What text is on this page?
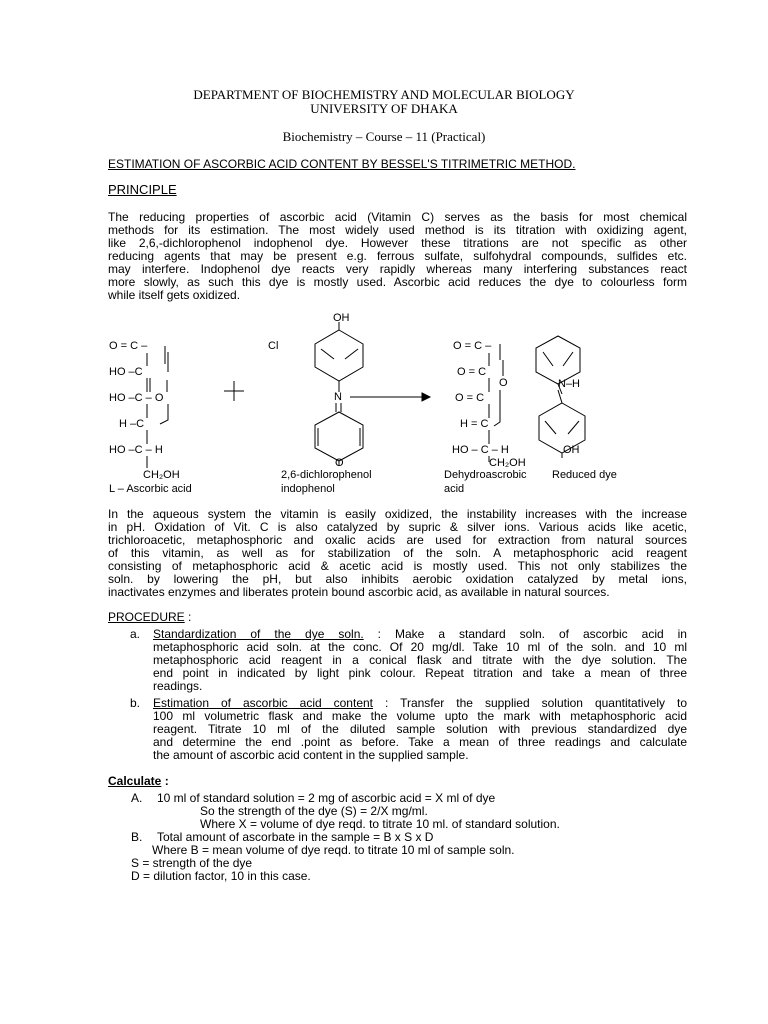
DEPARTMENT OF BIOCHEMISTRY AND MOLECULAR BIOLOGY
UNIVERSITY OF DHAKA
Biochemistry – Course – 11 (Practical)
ESTIMATION OF ASCORBIC ACID CONTENT BY BESSEL'S TITRIMETRIC METHOD.
PRINCIPLE
The reducing properties of ascorbic acid (Vitamin C) serves as the basis for most chemical
methods for its estimation. The most widely used method is its titration with oxidizing agent,
like 2,6,-dichlorophenol indophenol dye. However these titrations are not specific as other
reducing agents that may be present e.g. ferrous sulfate, sulfohydral compounds, sulfides etc.
may interfere. Indophenol dye reacts very rapidly whereas many interfering substances react
more slowly, as such this dye is mostly used. Ascorbic acid reduces the dye to colourless form
while itself gets oxidized.
O = C –
HO –C
HO –C – O
H –C
HO –C – H
CH₂OH
L – Ascorbic acid
OH
Cl
N
O
2,6-dichlorophenol
indophenol
O = C –
O = C
O
O = C
H = C
HO – C – H
CH₂OH
Dehydroascrobic
acid
N–H
OH
Reduced dye
In the aqueous system the vitamin is easily oxidized, the instability increases with the increase
in pH. Oxidation of Vit. C is also catalyzed by supric & silver ions. Various acids like acetic,
trichloroacetic, metaphosphoric and oxalic acids are used for extraction from natural sources
of this vitamin, as well as for stabilization of the soln. A metaphosphoric acid reagent
consisting of metaphosphoric acid & acetic acid is mostly used. This not only stabilizes the
soln. by lowering the pH, but also inhibits aerobic oxidation catalyzed by metal ions,
inactivates enzymes and liberates protein bound ascorbic acid, as available in natural sources.
PROCEDURE :
a. Standardization of the dye soln. : Make a standard soln. of ascorbic acid in
metaphosphoric acid soln. at the conc. Of 20 mg/dl. Take 10 ml of the soln. and 10 ml
metaphosphoric acid reagent in a conical flask and titrate with the dye solution. The
end point in indicated by light pink colour. Repeat titration and take a mean of three
readings.
b. Estimation of ascorbic acid content : Transfer the supplied solution quantitatively to
100 ml volumetric flask and make the volume upto the mark with metaphosphoric acid
reagent. Titrate 10 ml of the diluted sample solution with previous standardized dye
and determine the end .point as before. Take a mean of three readings and calculate
the amount of ascorbic acid content in the supplied sample.
Calculate :
A. 10 ml of standard solution = 2 mg of ascorbic acid = X ml of dye
So the strength of the dye (S) = 2/X mg/ml.
Where X = volume of dye reqd. to titrate 10 ml. of standard solution.
B. Total amount of ascorbate in the sample = B x S x D
Where B = mean volume of dye reqd. to titrate 10 ml of sample soln.
S = strength of the dye
D = dilution factor, 10 in this case.
